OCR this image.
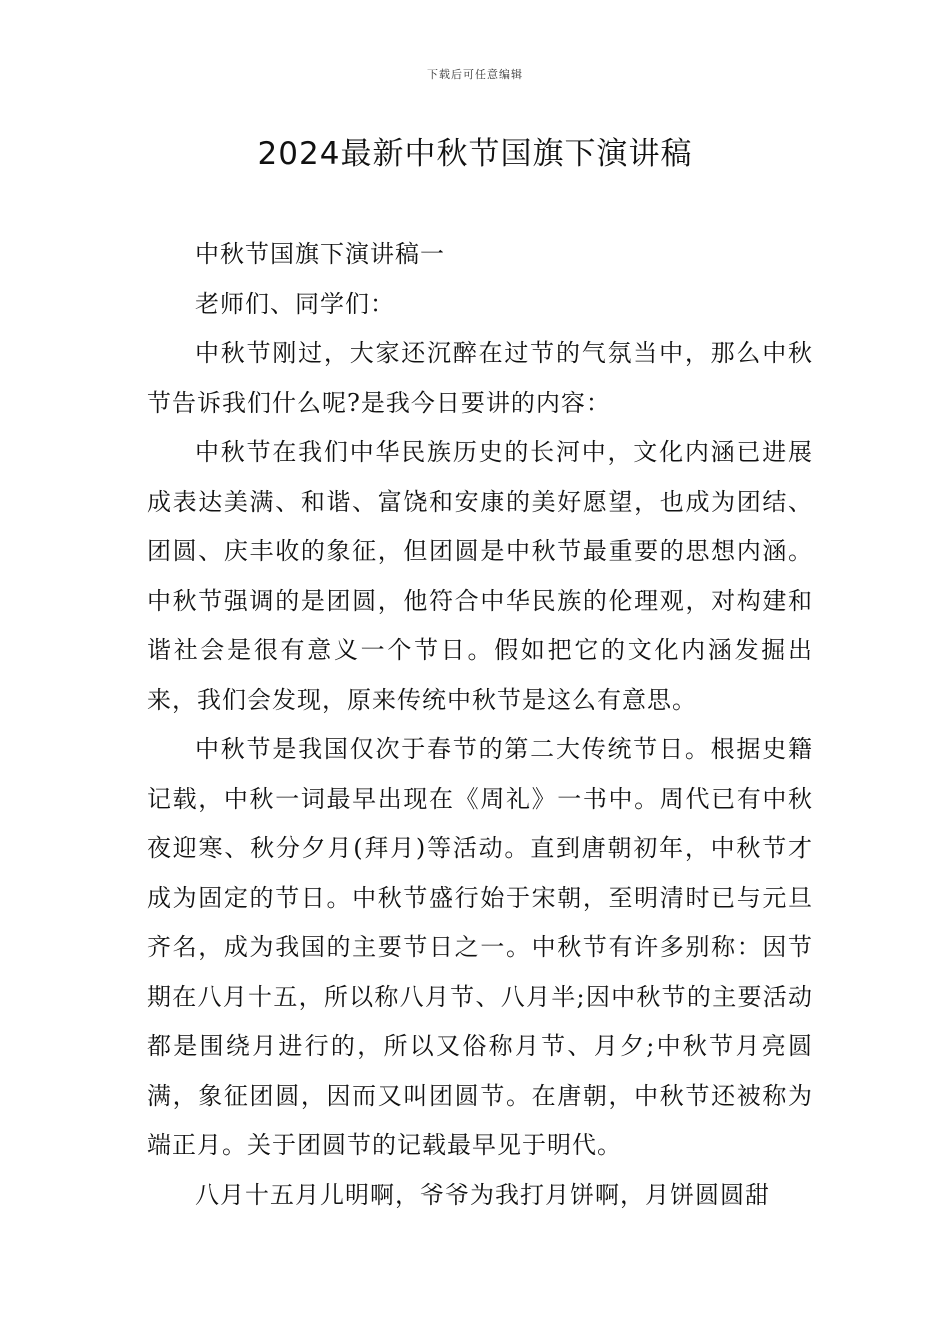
下载后可任意编辑
2024最新中秋节国旗下演讲稿

中秋节国旗下演讲稿一

老师们、同学们：

中秋节刚过，大家还沉醉在过节的气氛当中，那么中秋节告诉我们什么呢?是我今日要讲的内容：

中秋节在我们中华民族历史的长河中，文化内涵已进展成表达美满、和谐、富饶和安康的美好愿望，也成为团结、团圆、庆丰收的象征，但团圆是中秋节最重要的思想内涵。中秋节强调的是团圆，他符合中华民族的伦理观，对构建和谐社会是很有意义一个节日。假如把它的文化内涵发掘出来，我们会发现，原来传统中秋节是这么有意思。

中秋节是我国仅次于春节的第二大传统节日。根据史籍记载，中秋一词最早出现在《周礼》一书中。周代已有中秋夜迎寒、秋分夕月(拜月)等活动。直到唐朝初年，中秋节才成为固定的节日。中秋节盛行始于宋朝，至明清时已与元旦齐名，成为我国的主要节日之一。中秋节有许多别称：因节期在八月十五，所以称八月节、八月半;因中秋节的主要活动都是围绕月进行的，所以又俗称月节、月夕;中秋节月亮圆满，象征团圆，因而又叫团圆节。在唐朝，中秋节还被称为端正月。关于团圆节的记载最早见于明代。

八月十五月儿明啊，爷爷为我打月饼啊，月饼圆圆甜
